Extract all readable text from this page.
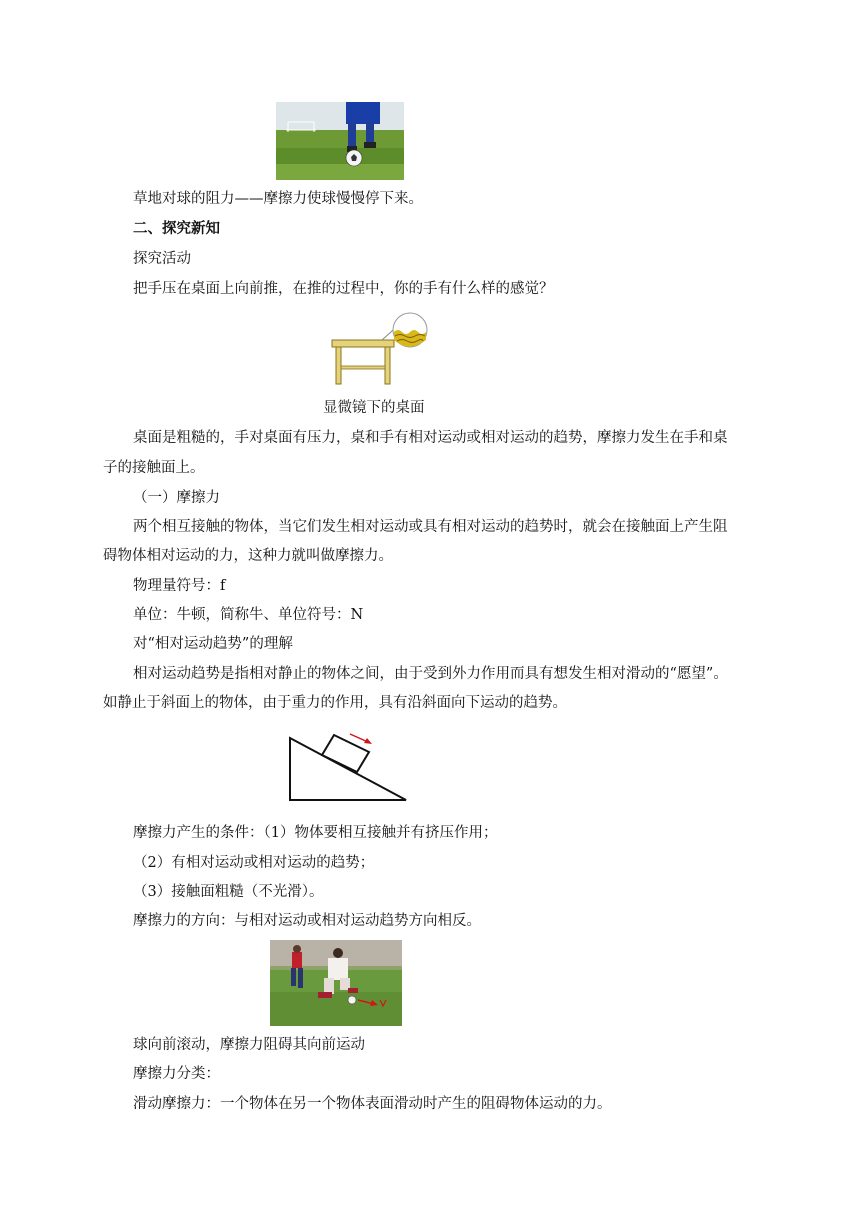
草地对球的阻力——摩擦力使球慢慢停下来。
二、探究新知
探究活动
把手压在桌面上向前推，在推的过程中，你的手有什么样的感觉？
显微镜下的桌面
桌面是粗糙的，手对桌面有压力，桌和手有相对运动或相对运动的趋势，摩擦力发生在手和桌
子的接触面上。
（一）摩擦力
两个相互接触的物体，当它们发生相对运动或具有相对运动的趋势时，就会在接触面上产生阻
碍物体相对运动的力，这种力就叫做摩擦力。
物理量符号：f
单位：牛顿，简称牛、单位符号：N
对“相对运动趋势”的理解
相对运动趋势是指相对静止的物体之间，由于受到外力作用而具有想发生相对滑动的“愿望”。
如静止于斜面上的物体，由于重力的作用，具有沿斜面向下运动的趋势。
摩擦力产生的条件：（1）物体要相互接触并有挤压作用；
（2）有相对运动或相对运动的趋势；
（3）接触面粗糙（不光滑）。
摩擦力的方向：与相对运动或相对运动趋势方向相反。
球向前滚动，摩擦力阻碍其向前运动
摩擦力分类：
滑动摩擦力：一个物体在另一个物体表面滑动时产生的阻碍物体运动的力。
